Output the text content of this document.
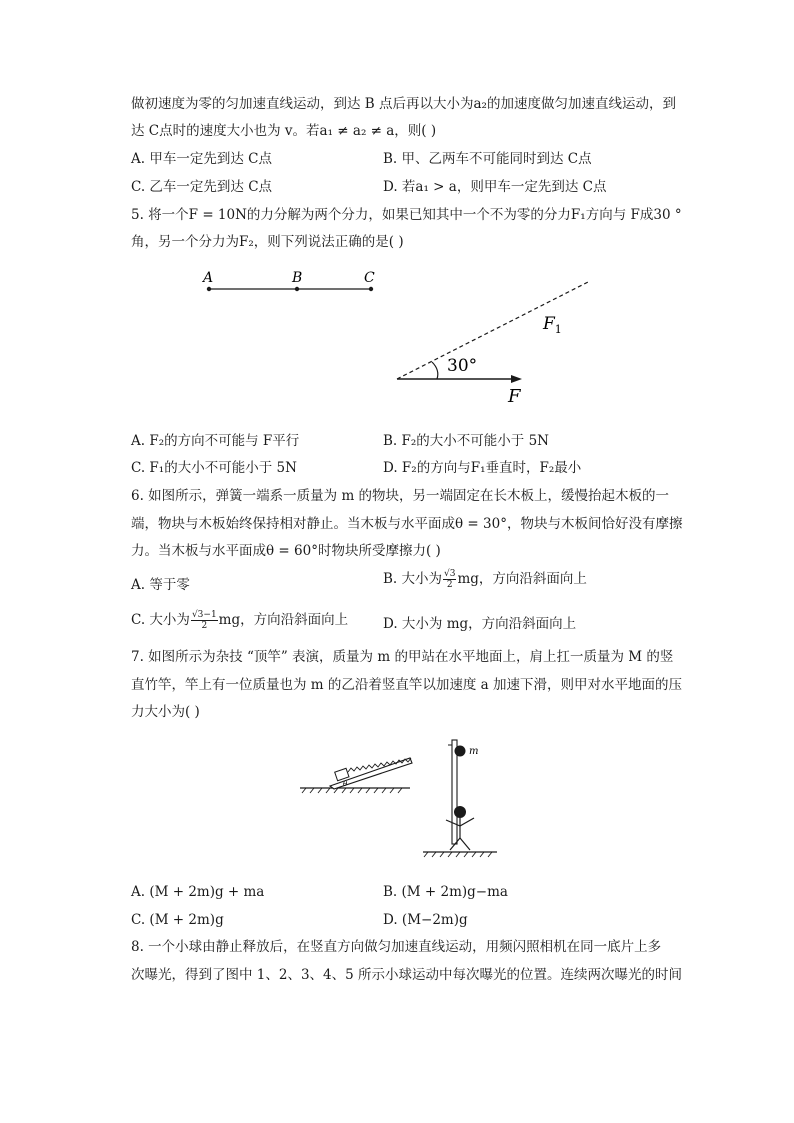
做初速度为零的匀加速直线运动，到达 B 点后再以大小为a₂的加速度做匀加速直线运动，到
达 C点时的速度大小也为 v。若a₁ ≠ a₂ ≠ a，则( )
A. 甲车一定先到达 C点	B. 甲、乙两车不可能同时到达 C点
C. 乙车一定先到达 C点	D. 若a₁ > a，则甲车一定先到达 C点
5. 将一个F = 10N的力分解为两个分力，如果已知其中一个不为零的分力F₁方向与 F成30 °
角，另一个分力为F₂，则下列说法正确的是( )
A	B	C
30°
$F_1$
F
A. F₂的方向不可能与 F平行	B. F₂的大小不可能小于 5N
C. F₁的大小不可能小于 5N	D. F₂的方向与F₁垂直时，F₂最小
6. 如图所示，弹簧一端系一质量为 m 的物块，另一端固定在长木板上，缓慢抬起木板的一
端，物块与木板始终保持相对静止。当木板与水平面成θ = 30°，物块与木板间恰好没有摩擦
力。当木板与水平面成θ = 60°时物块所受摩擦力( )
A. 等于零	B. 大小为 $\frac{√3}{2}$ mg，方向沿斜面向上
C. 大小为 $\frac{√3-1}{2}$ mg，方向沿斜面向上	D. 大小为 mg，方向沿斜面向上
7. 如图所示为杂技 “顶竿” 表演，质量为 m 的甲站在水平地面上，肩上扛一质量为 M 的竖
直竹竿，竿上有一位质量也为 m 的乙沿着竖直竿以加速度 a 加速下滑，则甲对水平地面的压
力大小为( )
θ
m
A. (M + 2m)g + ma	B. (M + 2m)g−ma
C. (M + 2m)g	D. (M−2m)g
8. 一个小球由静止释放后，在竖直方向做匀加速直线运动，用频闪照相机在同一底片上多
次曝光，得到了图中 1、2、3、4、5 所示小球运动中每次曝光的位置。连续两次曝光的时间
